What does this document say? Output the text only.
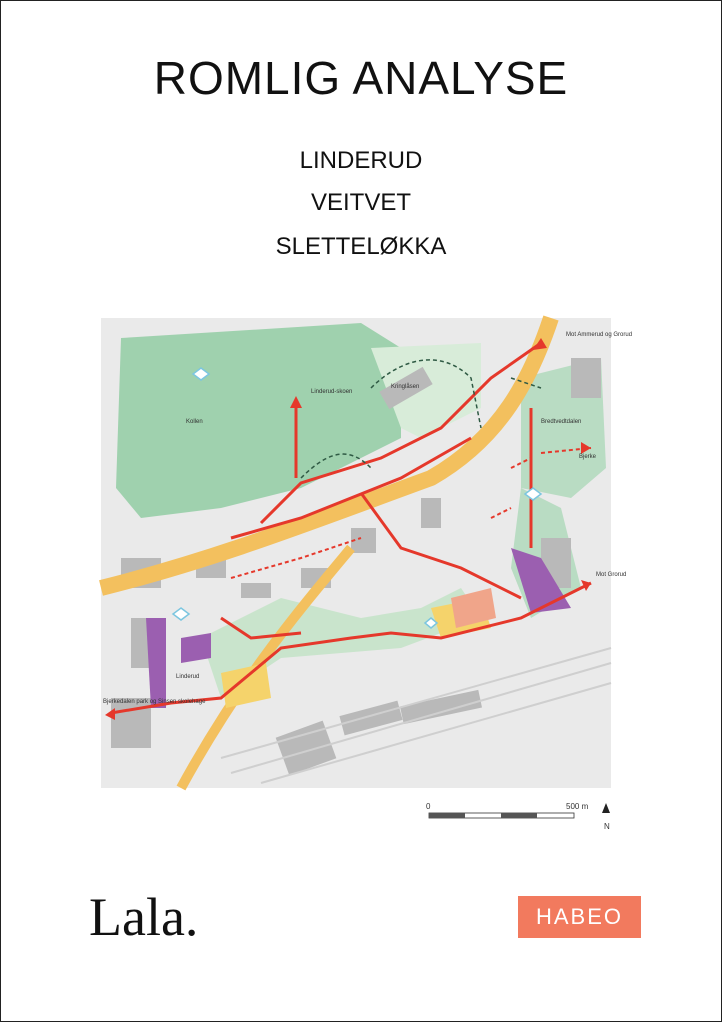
ROMLIG ANALYSE
LINDERUD
VEITVET
SLETTELØKKA
Kollen
Linderud-skoen
Kringlåsen
Bredtvedtdalen
Linderud
Mot Ammerud og Grorud
Bjerke
Mot Grorud
Bjerkedalen park og Sinsen skolehage
0	500 m
N
Lala.	HABEO
